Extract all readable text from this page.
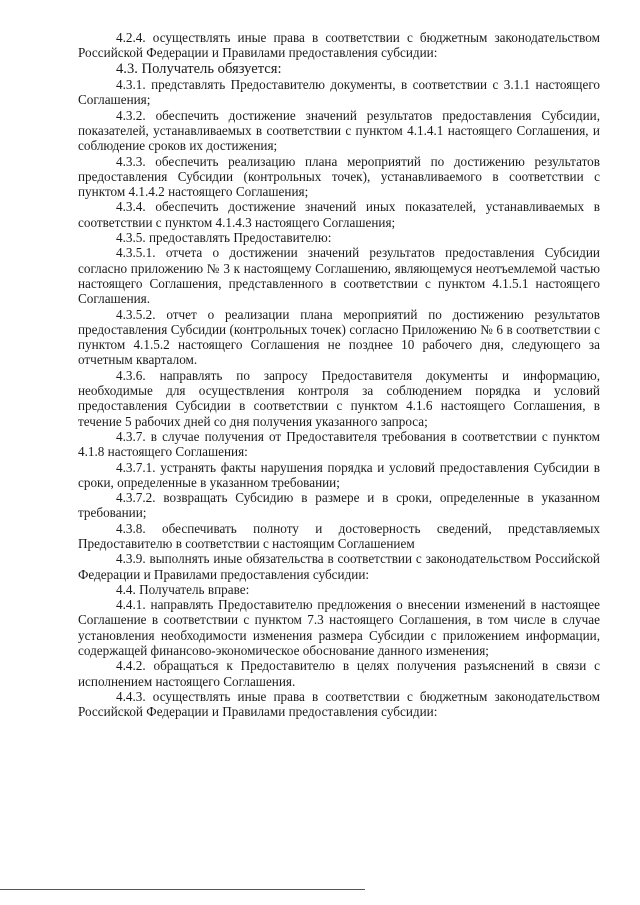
4.2.4. осуществлять иные права в соответствии с бюджетным законодательством Российской Федерации и Правилами предоставления субсидии:

4.3. Получатель обязуется:

4.3.1. представлять Предоставителю документы, в соответствии с 3.1.1 настоящего Соглашения;

4.3.2. обеспечить достижение значений результатов предоставления Субсидии, показателей, устанавливаемых в соответствии с пунктом 4.1.4.1 настоящего Соглашения, и соблюдение сроков их достижения;

4.3.3. обеспечить реализацию плана мероприятий по достижению результатов предоставления Субсидии (контрольных точек), устанавливаемого в соответствии с пунктом 4.1.4.2 настоящего Соглашения;

4.3.4. обеспечить достижение значений иных показателей, устанавливаемых в соответствии с пунктом 4.1.4.3 настоящего Соглашения;

4.3.5. предоставлять Предоставителю:

4.3.5.1. отчета о достижении значений результатов предоставления Субсидии согласно приложению № 3 к настоящему Соглашению, являющемуся неотъемлемой частью настоящего Соглашения, представленного в соответствии с пунктом 4.1.5.1 настоящего Соглашения.

4.3.5.2. отчет о реализации плана мероприятий по достижению результатов предоставления Субсидии (контрольных точек) согласно Приложению № 6 в соответствии с пунктом 4.1.5.2 настоящего Соглашения не позднее 10 рабочего дня, следующего за отчетным кварталом.

4.3.6. направлять по запросу Предоставителя документы и информацию, необходимые для осуществления контроля за соблюдением порядка и условий предоставления Субсидии в соответствии с пунктом 4.1.6 настоящего Соглашения, в течение 5 рабочих дней со дня получения указанного запроса;

4.3.7. в случае получения от Предоставителя требования в соответствии с пунктом 4.1.8 настоящего Соглашения:

4.3.7.1. устранять факты нарушения порядка и условий предоставления Субсидии в сроки, определенные в указанном требовании;

4.3.7.2. возвращать Субсидию в размере и в сроки, определенные в указанном требовании;

4.3.8. обеспечивать полноту и достоверность сведений, представляемых Предоставителю в соответствии с настоящим Соглашением

4.3.9. выполнять иные обязательства в соответствии с законодательством Российской Федерации и Правилами предоставления субсидии:

4.4. Получатель вправе:

4.4.1. направлять Предоставителю предложения о внесении изменений в настоящее Соглашение в соответствии с пунктом 7.3 настоящего Соглашения, в том числе в случае установления необходимости изменения размера Субсидии с приложением информации, содержащей финансово-экономическое обоснование данного изменения;

4.4.2. обращаться к Предоставителю в целях получения разъяснений в связи с исполнением настоящего Соглашения.

4.4.3. осуществлять иные права в соответствии с бюджетным законодательством Российской Федерации и Правилами предоставления субсидии:
